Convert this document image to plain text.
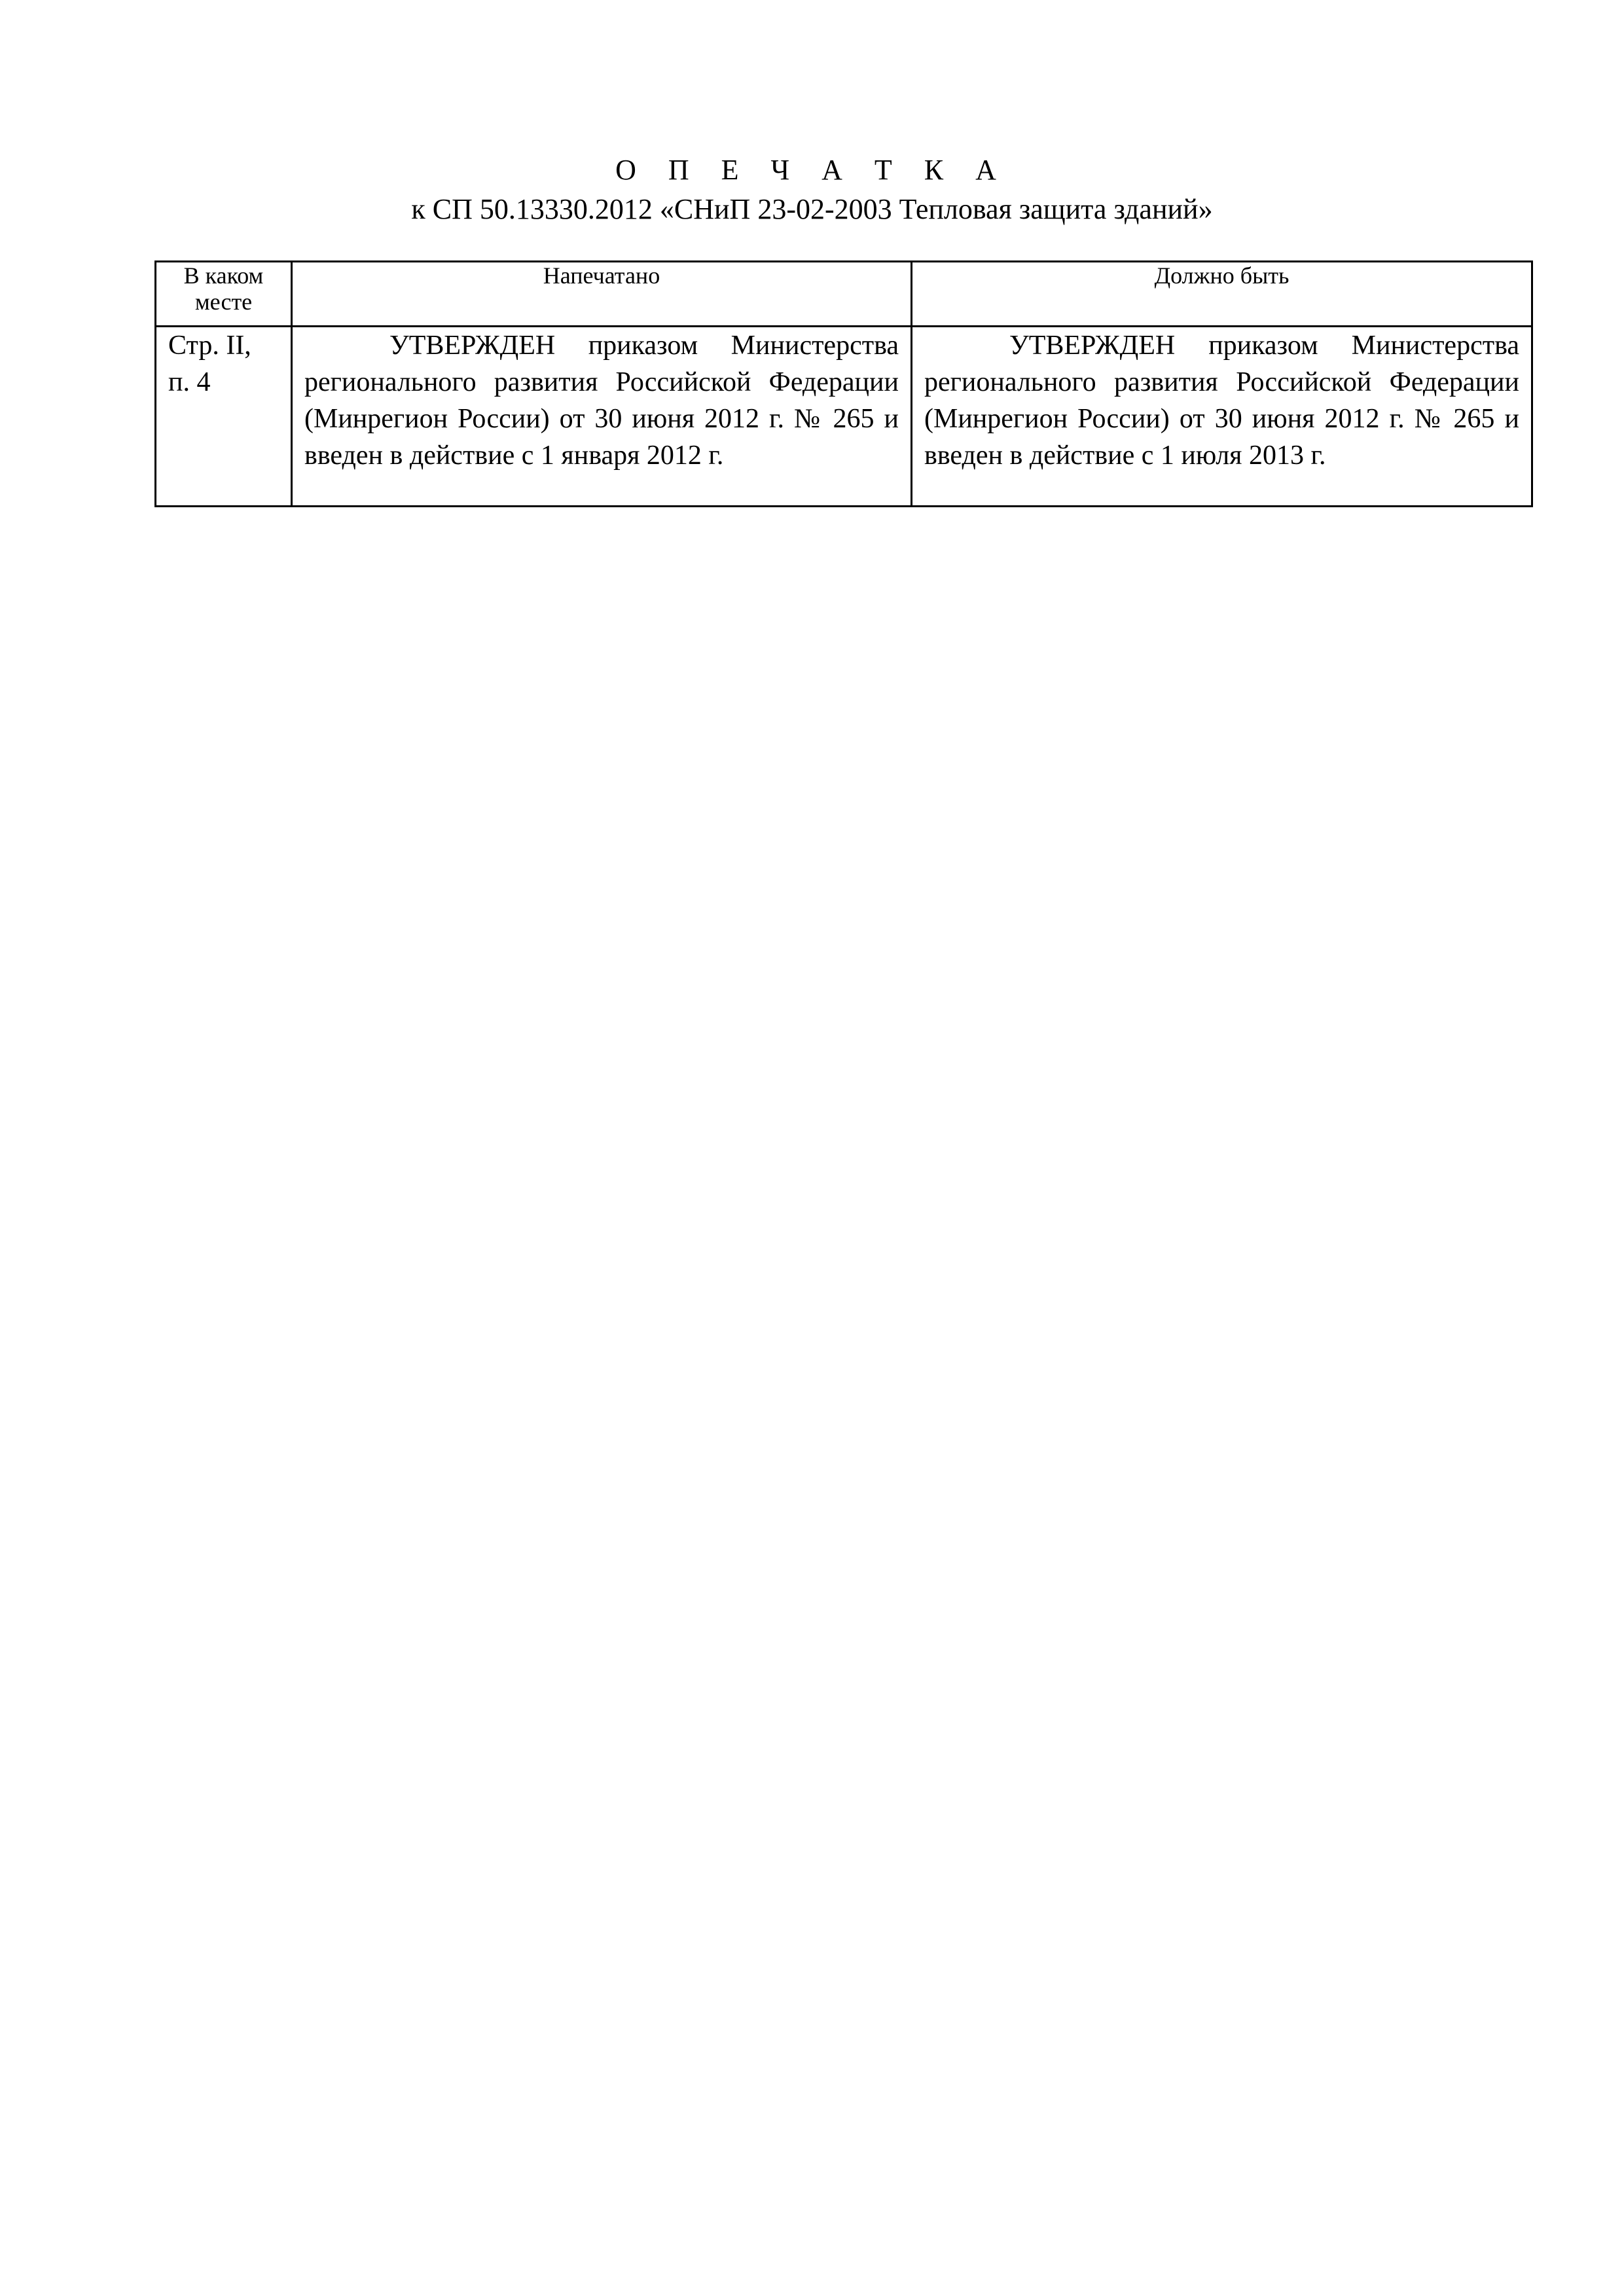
О П Е Ч А Т К А
к СП 50.13330.2012 «СНиП 23-02-2003 Тепловая защита зданий»
В каком месте	Напечатано	Должно быть
Стр. II, п. 4	УТВЕРЖДЕН приказом Министерства регионального развития Российской Федерации (Минрегион России) от 30 июня 2012 г. № 265 и введен в действие с 1 января 2012 г.	УТВЕРЖДЕН приказом Министерства регионального развития Российской Федерации (Минрегион России) от 30 июня 2012 г. № 265 и введен в действие с 1 июля 2013 г.
